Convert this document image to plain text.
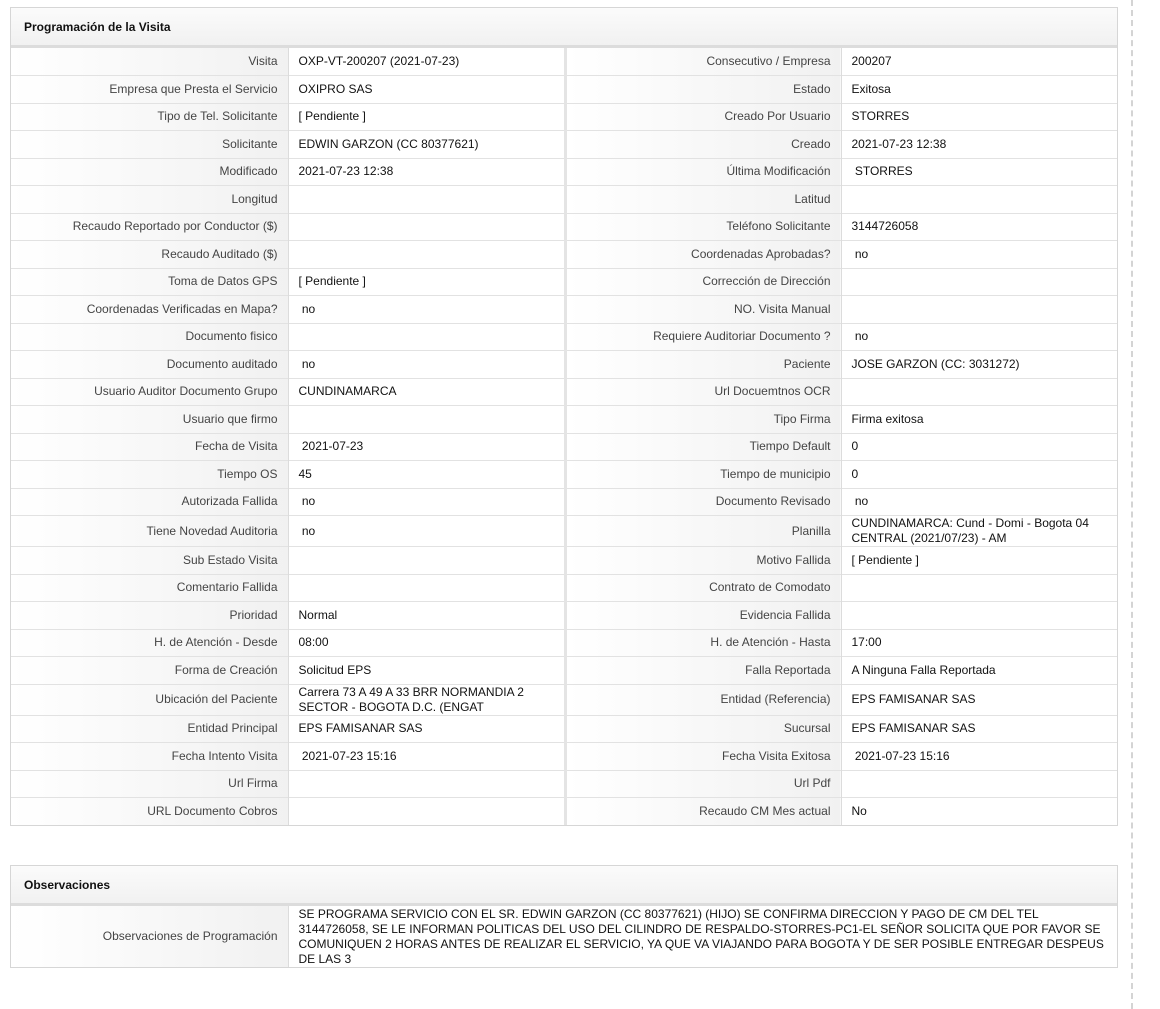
Programación de la Visita
Visita	OXP-VT-200207 (2021-07-23)	Consecutivo / Empresa	200207
Empresa que Presta el Servicio	OXIPRO SAS	Estado	Exitosa
Tipo de Tel. Solicitante	[ Pendiente ]	Creado Por Usuario	STORRES
Solicitante	EDWIN GARZON (CC 80377621)	Creado	2021-07-23 12:38
Modificado	2021-07-23 12:38	Última Modificación	STORRES
Longitud		Latitud	
Recaudo Reportado por Conductor ($)		Teléfono Solicitante	3144726058
Recaudo Auditado ($)		Coordenadas Aprobadas?	no
Toma de Datos GPS	[ Pendiente ]	Corrección de Dirección	
Coordenadas Verificadas en Mapa?	no	NO. Visita Manual	
Documento fisico		Requiere Auditoriar Documento ?	no
Documento auditado	no	Paciente	JOSE GARZON (CC: 3031272)
Usuario Auditor Documento Grupo	CUNDINAMARCA	Url Docuemtnos OCR	
Usuario que firmo		Tipo Firma	Firma exitosa
Fecha de Visita	2021-07-23	Tiempo Default	0
Tiempo OS	45	Tiempo de municipio	0
Autorizada Fallida	no	Documento Revisado	no
Tiene Novedad Auditoria	no	Planilla	CUNDINAMARCA: Cund - Domi - Bogota 04 CENTRAL (2021/07/23) - AM
Sub Estado Visita		Motivo Fallida	[ Pendiente ]
Comentario Fallida		Contrato de Comodato	
Prioridad	Normal	Evidencia Fallida	
H. de Atención - Desde	08:00	H. de Atención - Hasta	17:00
Forma de Creación	Solicitud EPS	Falla Reportada	A Ninguna Falla Reportada
Ubicación del Paciente	Carrera 73 A 49 A 33 BRR NORMANDIA 2 SECTOR - BOGOTA D.C. (ENGAT	Entidad (Referencia)	EPS FAMISANAR SAS
Entidad Principal	EPS FAMISANAR SAS	Sucursal	EPS FAMISANAR SAS
Fecha Intento Visita	2021-07-23 15:16	Fecha Visita Exitosa	2021-07-23 15:16
Url Firma		Url Pdf	
URL Documento Cobros		Recaudo CM Mes actual	No
Observaciones
Observaciones de Programación	SE PROGRAMA SERVICIO CON EL SR. EDWIN GARZON (CC 80377621) (HIJO) SE CONFIRMA DIRECCION Y PAGO DE CM DEL TEL 3144726058, SE LE INFORMAN POLITICAS DEL USO DEL CILINDRO DE RESPALDO-STORRES-PC1-EL SEÑOR SOLICITA QUE POR FAVOR SE COMUNIQUEN 2 HORAS ANTES DE REALIZAR EL SERVICIO, YA QUE VA VIAJANDO PARA BOGOTA Y DE SER POSIBLE ENTREGAR DESPEUS DE LAS 3
